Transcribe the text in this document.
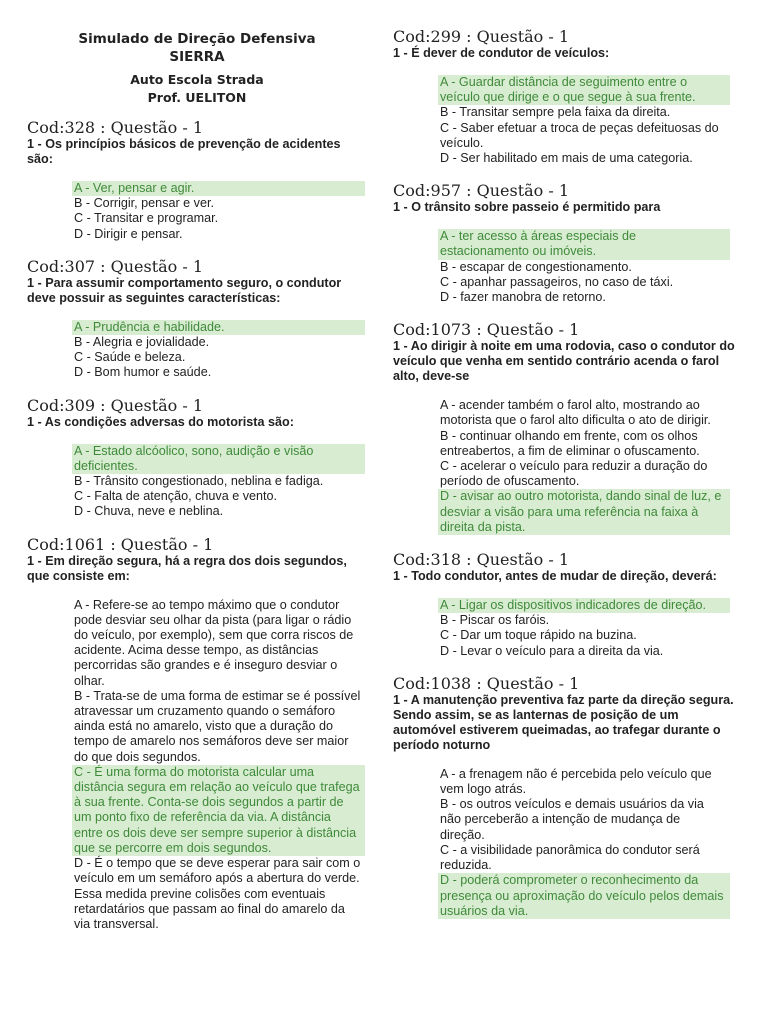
Simulado de Direção Defensiva
SIERRA
Auto Escola Strada
Prof. UELITON
Cod:328 : Questão - 1
1 - Os princípios básicos de prevenção de acidentes são:
A - Ver, pensar e agir.
B - Corrigir, pensar e ver.
C - Transitar e programar.
D - Dirigir e pensar.
Cod:307 : Questão - 1
1 - Para assumir comportamento seguro, o condutor deve possuir as seguintes características:
A - Prudência e habilidade.
B - Alegria e jovialidade.
C - Saúde e beleza.
D - Bom humor e saúde.
Cod:309 : Questão - 1
1 - As condições adversas do motorista são:
A - Estado alcóolico, sono, audição e visão deficientes.
B - Trânsito congestionado, neblina e fadiga.
C - Falta de atenção, chuva e vento.
D - Chuva, neve e neblina.
Cod:1061 : Questão - 1
1 - Em direção segura, há a regra dos dois segundos, que consiste em:
A - Refere-se ao tempo máximo que o condutor pode desviar seu olhar da pista (para ligar o rádio do veículo, por exemplo), sem que corra riscos de acidente. Acima desse tempo, as distâncias percorridas são grandes e é inseguro desviar o olhar.
B - Trata-se de uma forma de estimar se é possível atravessar um cruzamento quando o semáforo ainda está no amarelo, visto que a duração do tempo de amarelo nos semáforos deve ser maior do que dois segundos.
C - É uma forma do motorista calcular uma distância segura em relação ao veículo que trafega à sua frente. Conta-se dois segundos a partir de um ponto fixo de referência da via. A distância entre os dois deve ser sempre superior à distância que se percorre em dois segundos.
D - É o tempo que se deve esperar para sair com o veículo em um semáforo após a abertura do verde. Essa medida previne colisões com eventuais retardatários que passam ao final do amarelo da via transversal.
Cod:299 : Questão - 1
1 - É dever de condutor de veículos:
A - Guardar distância de seguimento entre o veículo que dirige e o que segue à sua frente.
B - Transitar sempre pela faixa da direita.
C - Saber efetuar a troca de peças defeituosas do veículo.
D - Ser habilitado em mais de uma categoria.
Cod:957 : Questão - 1
1 - O trânsito sobre passeio é permitido para
A - ter acesso à áreas especiais de estacionamento ou imóveis.
B - escapar de congestionamento.
C - apanhar passageiros, no caso de táxi.
D - fazer manobra de retorno.
Cod:1073 : Questão - 1
1 - Ao dirigir à noite em uma rodovia, caso o condutor do veículo que venha em sentido contrário acenda o farol alto, deve-se
A - acender também o farol alto, mostrando ao motorista que o farol alto dificulta o ato de dirigir.
B - continuar olhando em frente, com os olhos entreabertos, a fim de eliminar o ofuscamento.
C - acelerar o veículo para reduzir a duração do período de ofuscamento.
D - avisar ao outro motorista, dando sinal de luz, e desviar a visão para uma referência na faixa à direita da pista.
Cod:318 : Questão - 1
1 - Todo condutor, antes de mudar de direção, deverá:
A - Ligar os dispositivos indicadores de direção.
B - Piscar os faróis.
C - Dar um toque rápido na buzina.
D - Levar o veículo para a direita da via.
Cod:1038 : Questão - 1
1 - A manutenção preventiva faz parte da direção segura. Sendo assim, se as lanternas de posição de um automóvel estiverem queimadas, ao trafegar durante o período noturno
A - a frenagem não é percebida pelo veículo que vem logo atrás.
B - os outros veículos e demais usuários da via não perceberão a intenção de mudança de direção.
C - a visibilidade panorâmica do condutor será reduzida.
D - poderá comprometer o reconhecimento da presença ou aproximação do veículo pelos demais usuários da via.
